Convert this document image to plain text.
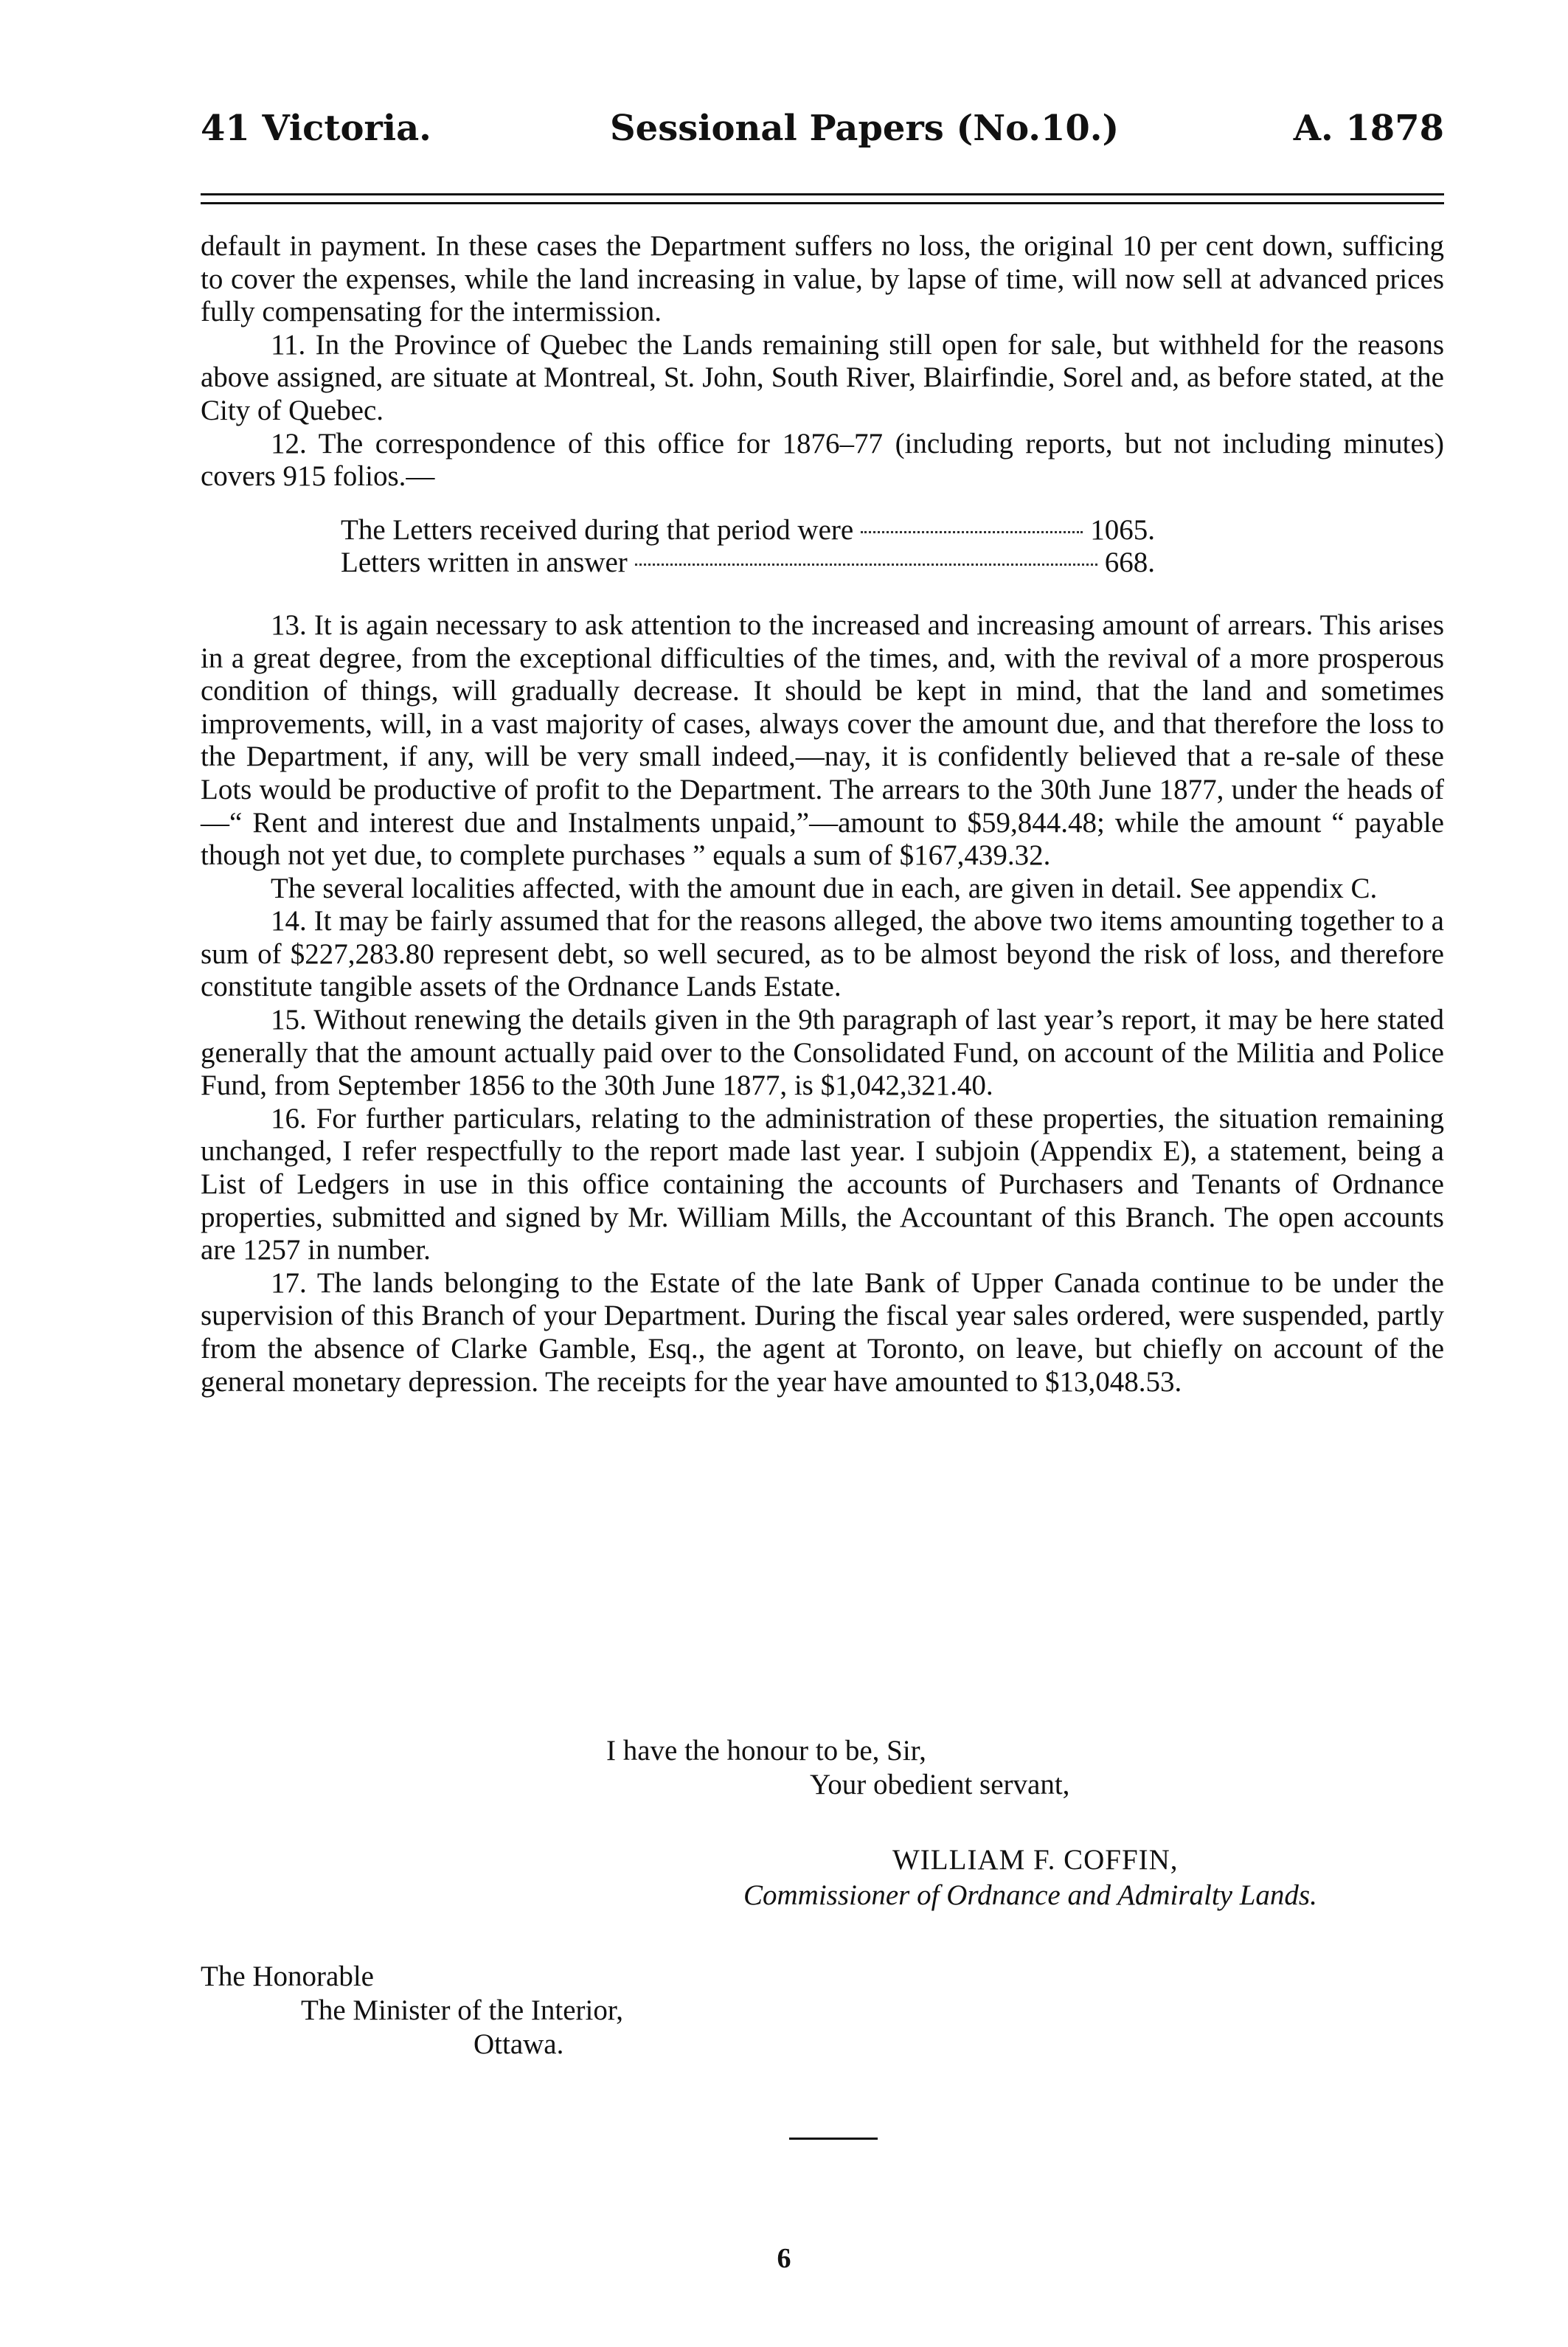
41 Victoria.	Sessional Papers (No.10.)	A. 1878

default in payment. In these cases the Department suffers no loss, the original 10 per cent down, sufficing to cover the expenses, while the land increasing in value, by lapse of time, will now sell at advanced prices fully compensating for the intermission.

11. In the Province of Quebec the Lands remaining still open for sale, but withheld for the reasons above assigned, are situate at Montreal, St. John, South River, Blairfindie, Sorel and, as before stated, at the City of Quebec.

12. The correspondence of this office for 1876–77 (including reports, but not including minutes) covers 915 folios.—

The Letters received during that period were	1065.
Letters written in answer	668.

13. It is again necessary to ask attention to the increased and increasing amount of arrears. This arises in a great degree, from the exceptional difficulties of the times, and, with the revival of a more prosperous condition of things, will gradually decrease. It should be kept in mind, that the land and sometimes improvements, will, in a vast majority of cases, always cover the amount due, and that therefore the loss to the Department, if any, will be very small indeed,—nay, it is confidently believed that a re-sale of these Lots would be productive of profit to the Department. The arrears to the 30th June 1877, under the heads of—“ Rent and interest due and Instalments unpaid,”—amount to $59,844.48; while the amount “ payable though not yet due, to complete purchases ” equals a sum of $167,439.32.

The several localities affected, with the amount due in each, are given in detail. See appendix C.

14. It may be fairly assumed that for the reasons alleged, the above two items amounting together to a sum of $227,283.80 represent debt, so well secured, as to be almost beyond the risk of loss, and therefore constitute tangible assets of the Ordnance Lands Estate.

15. Without renewing the details given in the 9th paragraph of last year’s report, it may be here stated generally that the amount actually paid over to the Consolidated Fund, on account of the Militia and Police Fund, from September 1856 to the 30th June 1877, is $1,042,321.40.

16. For further particulars, relating to the administration of these properties, the situation remaining unchanged, I refer respectfully to the report made last year. I subjoin (Appendix E), a statement, being a List of Ledgers in use in this office containing the accounts of Purchasers and Tenants of Ordnance properties, submitted and signed by Mr. William Mills, the Accountant of this Branch. The open accounts are 1257 in number.

17. The lands belonging to the Estate of the late Bank of Upper Canada continue to be under the supervision of this Branch of your Department. During the fiscal year sales ordered, were suspended, partly from the absence of Clarke Gamble, Esq., the agent at Toronto, on leave, but chiefly on account of the general monetary depression. The receipts for the year have amounted to $13,048.53.

I have the honour to be, Sir,
Your obedient servant,
WILLIAM F. COFFIN,
Commissioner of Ordnance and Admiralty Lands.
The Honorable
The Minister of the Interior,
Ottawa.
6
